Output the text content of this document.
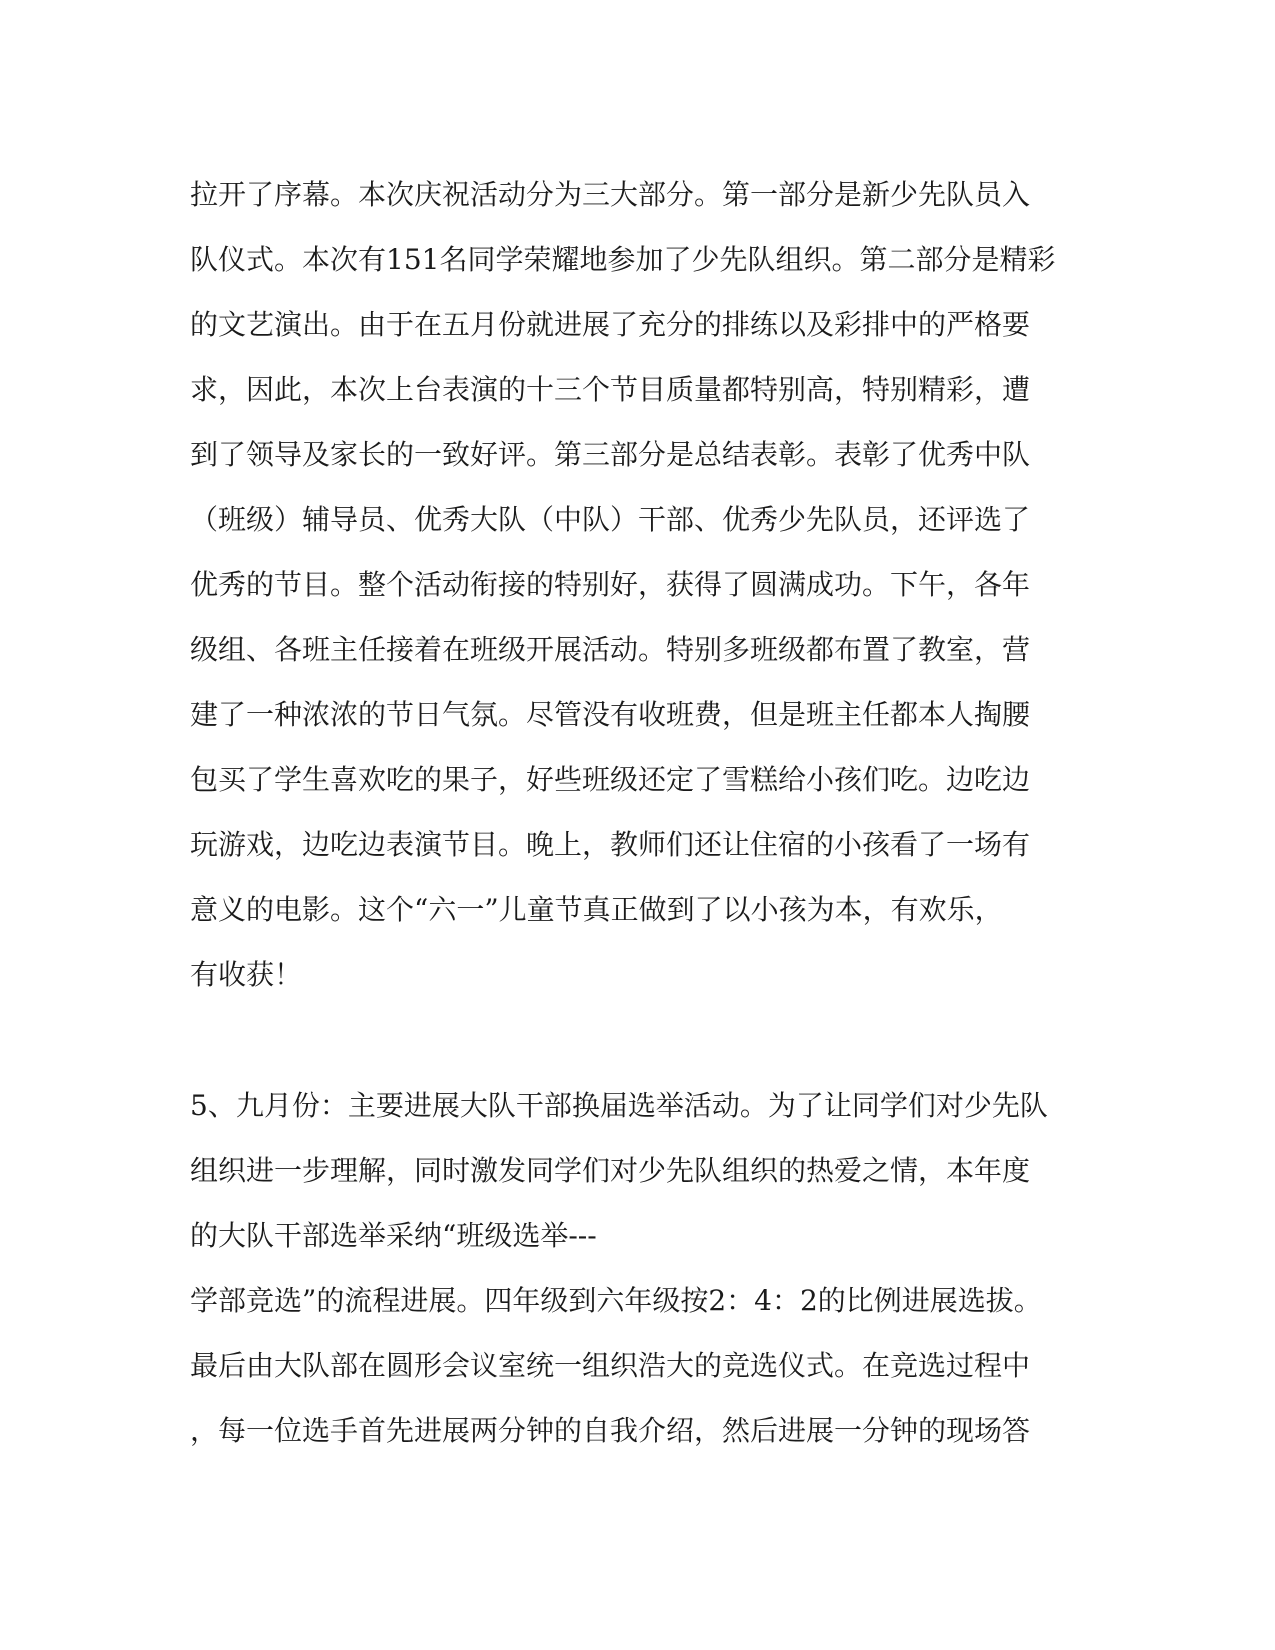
拉开了序幕。本次庆祝活动分为三大部分。第一部分是新少先队员入
队仪式。本次有151名同学荣耀地参加了少先队组织。第二部分是精彩
的文艺演出。由于在五月份就进展了充分的排练以及彩排中的严格要
求，因此，本次上台表演的十三个节目质量都特别高，特别精彩，遭
到了领导及家长的一致好评。第三部分是总结表彰。表彰了优秀中队
（班级）辅导员、优秀大队（中队）干部、优秀少先队员，还评选了
优秀的节目。整个活动衔接的特别好，获得了圆满成功。下午，各年
级组、各班主任接着在班级开展活动。特别多班级都布置了教室，营
建了一种浓浓的节日气氛。尽管没有收班费，但是班主任都本人掏腰
包买了学生喜欢吃的果子，好些班级还定了雪糕给小孩们吃。边吃边
玩游戏，边吃边表演节目。晚上，教师们还让住宿的小孩看了一场有
意义的电影。这个“六一”儿童节真正做到了以小孩为本，有欢乐，
有收获！
5、九月份：主要进展大队干部换届选举活动。为了让同学们对少先队
组织进一步理解，同时激发同学们对少先队组织的热爱之情，本年度
的大队干部选举采纳“班级选举---
学部竞选”的流程进展。四年级到六年级按2：4：2的比例进展选拔。
最后由大队部在圆形会议室统一组织浩大的竞选仪式。在竞选过程中
，每一位选手首先进展两分钟的自我介绍，然后进展一分钟的现场答
